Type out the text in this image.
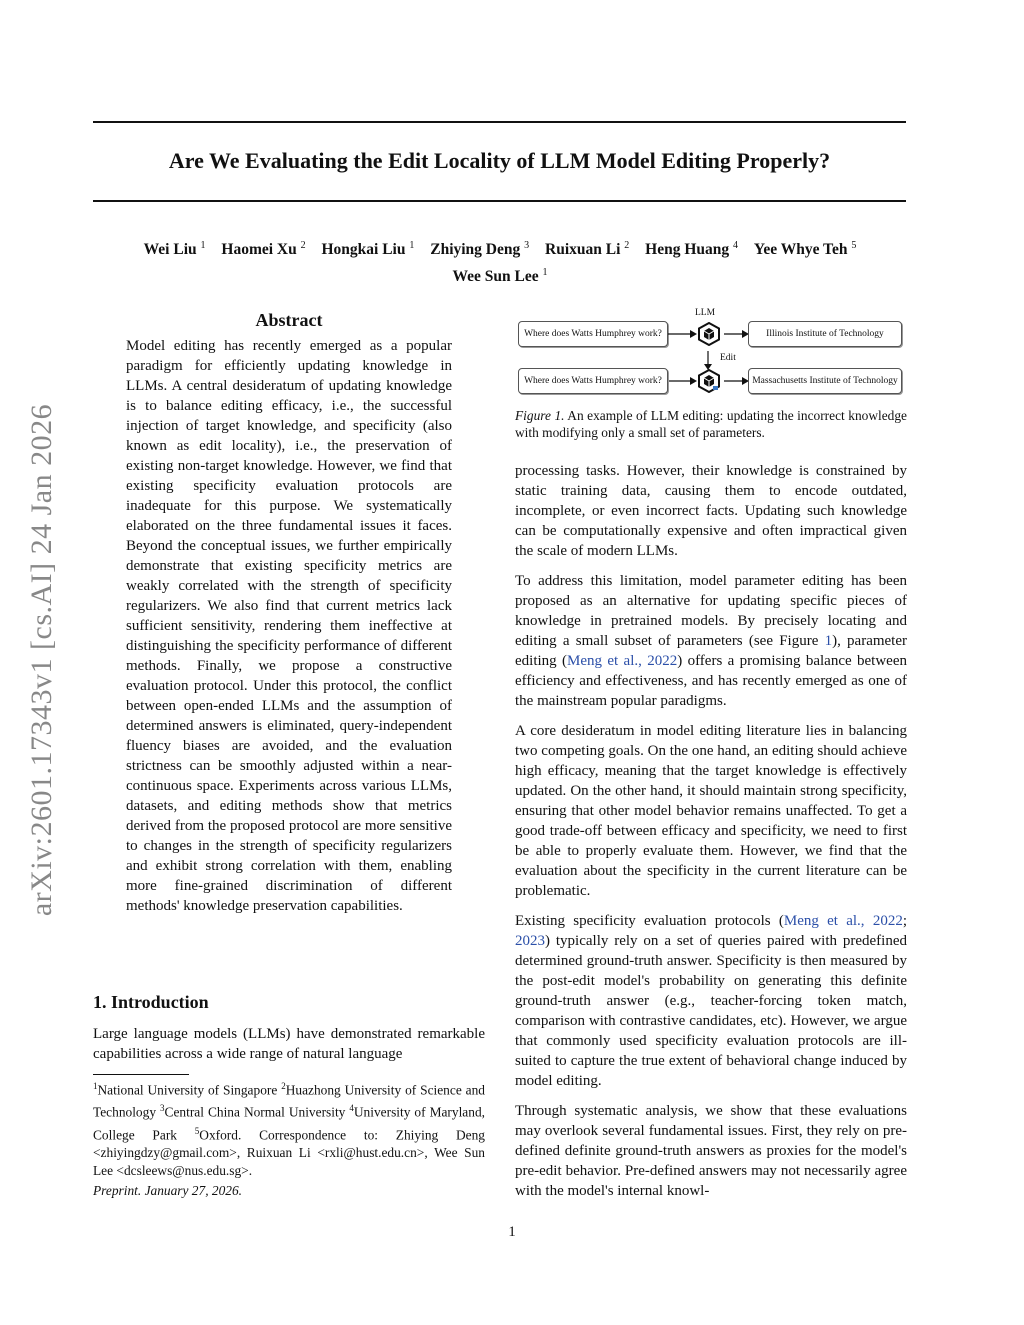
arXiv:2601.17343v1 [cs.AI] 24 Jan 2026
Are We Evaluating the Edit Locality of LLM Model Editing Properly?
Wei Liu $^1$ Haomei Xu $^2$ Hongkai Liu $^1$ Zhiying Deng $^3$ Ruixuan Li $^2$ Heng Huang $^4$ Yee Whye Teh $^5$
Wee Sun Lee $^1$
Abstract

Model editing has recently emerged as a popular paradigm for efficiently updating knowledge in LLMs. A central desideratum of updating knowledge is to balance editing efficacy, i.e., the successful injection of target knowledge, and specificity (also known as edit locality), i.e., the preservation of existing non-target knowledge. However, we find that existing specificity evaluation protocols are inadequate for this purpose. We systematically elaborated on the three fundamental issues it faces. Beyond the conceptual issues, we further empirically demonstrate that existing specificity metrics are weakly correlated with the strength of specificity regularizers. We also find that current metrics lack sufficient sensitivity, rendering them ineffective at distinguishing the specificity performance of different methods. Finally, we propose a constructive evaluation protocol. Under this protocol, the conflict between open-ended LLMs and the assumption of determined answers is eliminated, query-independent fluency biases are avoided, and the evaluation strictness can be smoothly adjusted within a near-continuous space. Experiments across various LLMs, datasets, and editing methods show that metrics derived from the proposed protocol are more sensitive to changes in the strength of specificity regularizers and exhibit strong correlation with them, enabling more fine-grained discrimination of different methods' knowledge preservation capabilities.

1. Introduction

Large language models (LLMs) have demonstrated remarkable capabilities across a wide range of natural language

$^1$National University of Singapore $^2$Huazhong University of Science and Technology $^3$Central China Normal University $^4$University of Maryland, College Park $^5$Oxford. Correspondence to: Zhiying Deng <zhiyingdzy@gmail.com>, Ruixuan Li <rxli@hust.edu.cn>, Wee Sun Lee <dcsleews@nus.edu.sg>.

Preprint. January 27, 2026.

LLM
Where does Watts Humphrey work?
Edit
Illinois Institute of Technology
Where does Watts Humphrey work?	Massachusetts Institute of Technology

Figure 1. An example of LLM editing: updating the incorrect knowledge with modifying only a small set of parameters.

processing tasks. However, their knowledge is constrained by static training data, causing them to encode outdated, incomplete, or even incorrect facts. Updating such knowledge can be computationally expensive and often impractical given the scale of modern LLMs.

To address this limitation, model parameter editing has been proposed as an alternative for updating specific pieces of knowledge in pretrained models. By precisely locating and editing a small subset of parameters (see Figure 1), parameter editing (Meng et al., 2022) offers a promising balance between efficiency and effectiveness, and has recently emerged as one of the mainstream popular paradigms.

A core desideratum in model editing literature lies in balancing two competing goals. On the one hand, an editing should achieve high efficacy, meaning that the target knowledge is effectively updated. On the other hand, it should maintain strong specificity, ensuring that other model behavior remains unaffected. To get a good trade-off between efficacy and specificity, we need to first be able to properly evaluate them. However, we find that the evaluation about the specificity in the current literature can be problematic.

Existing specificity evaluation protocols (Meng et al., 2022; 2023) typically rely on a set of queries paired with predefined determined ground-truth answer. Specificity is then measured by the post-edit model's probability on generating this definite ground-truth answer (e.g., teacher-forcing token match, comparison with contrastive candidates, etc). However, we argue that commonly used specificity evaluation protocols are ill-suited to capture the true extent of behavioral change induced by model editing.

Through systematic analysis, we show that these evaluations may overlook several fundamental issues. First, they rely on pre-defined definite ground-truth answers as proxies for the model's pre-edit behavior. Pre-defined answers may not necessarily agree with the model's internal knowl-

1
